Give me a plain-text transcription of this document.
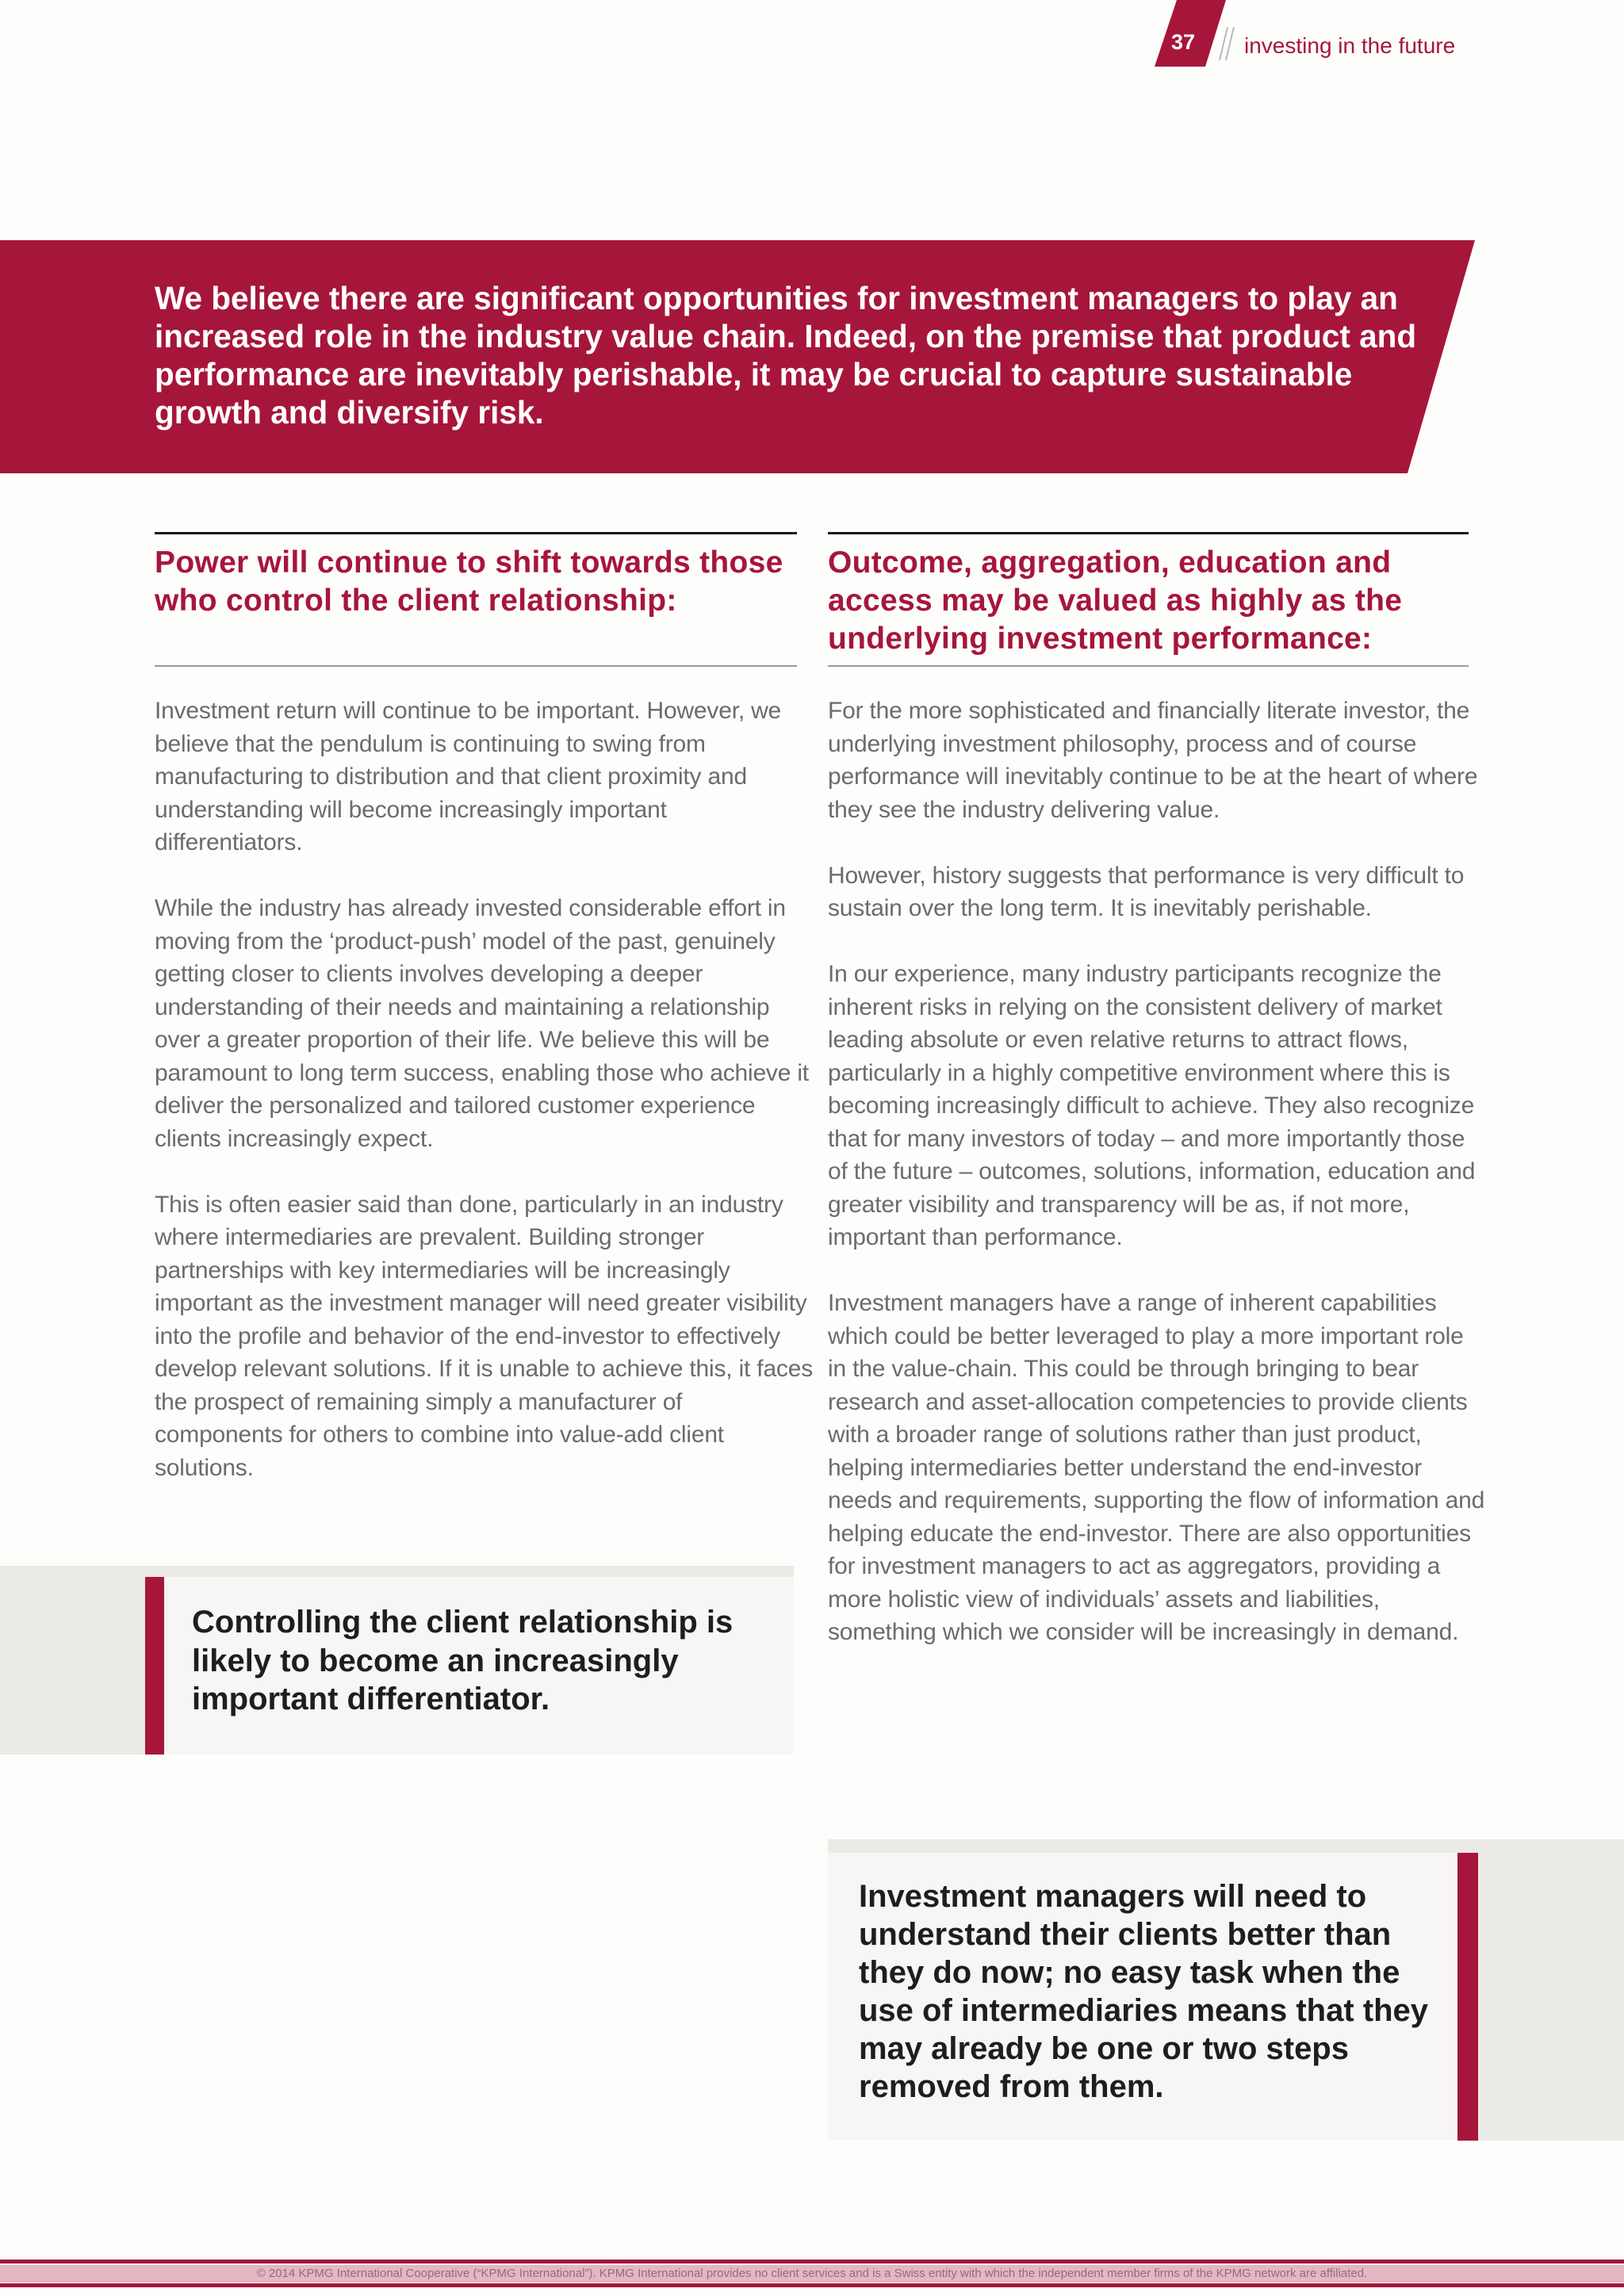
37	investing in the future
We believe there are significant opportunities for investment managers to play an increased role in the industry value chain. Indeed, on the premise that product and performance are inevitably perishable, it may be crucial to capture sustainable growth and diversify risk.
Power will continue to shift towards those who control the client relationship:

Investment return will continue to be important. However, we believe that the pendulum is continuing to swing from manufacturing to distribution and that client proximity and understanding will become increasingly important differentiators.

While the industry has already invested considerable effort in moving from the ‘product-push’ model of the past, genuinely getting closer to clients involves developing a deeper understanding of their needs and maintaining a relationship over a greater proportion of their life. We believe this will be paramount to long term success, enabling those who achieve it deliver the personalized and tailored customer experience clients increasingly expect.

This is often easier said than done, particularly in an industry where intermediaries are prevalent. Building stronger partnerships with key intermediaries will be increasingly important as the investment manager will need greater visibility into the profile and behavior of the end-investor to effectively develop relevant solutions. If it is unable to achieve this, it faces the prospect of remaining simply a manufacturer of components for others to combine into value-add client solutions.

Outcome, aggregation, education and access may be valued as highly as the underlying investment performance:

For the more sophisticated and financially literate investor, the underlying investment philosophy, process and of course performance will inevitably continue to be at the heart of where they see the industry delivering value.

However, history suggests that performance is very difficult to sustain over the long term. It is inevitably perishable.

In our experience, many industry participants recognize the inherent risks in relying on the consistent delivery of market leading absolute or even relative returns to attract flows, particularly in a highly competitive environment where this is becoming increasingly difficult to achieve. They also recognize that for many investors of today – and more importantly those of the future – outcomes, solutions, information, education and greater visibility and transparency will be as, if not more, important than performance.

Investment managers have a range of inherent capabilities which could be better leveraged to play a more important role in the value-chain. This could be through bringing to bear research and asset-allocation competencies to provide clients with a broader range of solutions rather than just product, helping intermediaries better understand the end-investor needs and requirements, supporting the flow of information and helping educate the end-investor. There are also opportunities for investment managers to act as aggregators, providing a more holistic view of individuals’ assets and liabilities, something which we consider will be increasingly in demand.

Controlling the client relationship is likely to become an increasingly important differentiator.
Investment managers will need to understand their clients better than they do now; no easy task when the use of intermediaries means that they may already be one or two steps removed from them.
© 2014 KPMG International Cooperative (“KPMG International”). KPMG International provides no client services and is a Swiss entity with which the independent member firms of the KPMG network are affiliated.
